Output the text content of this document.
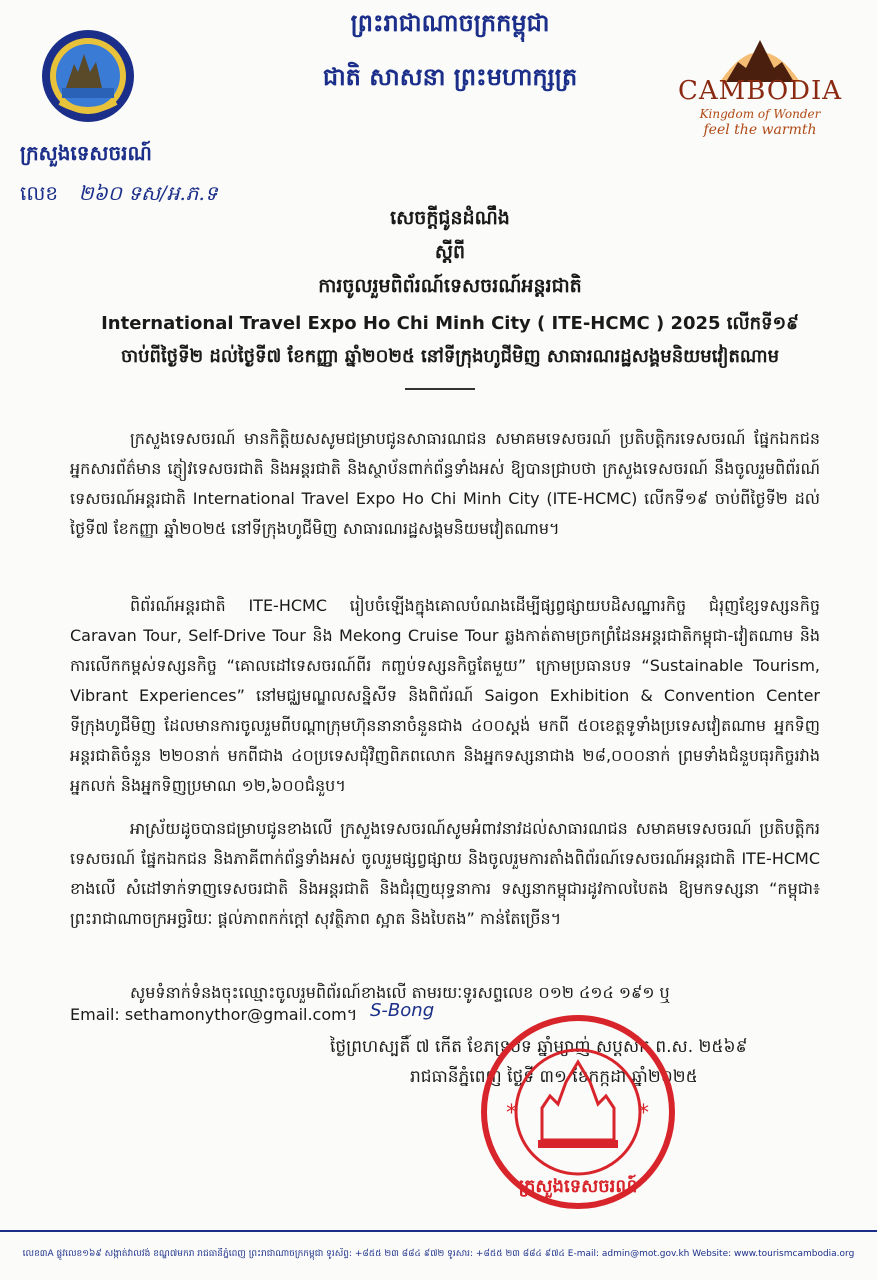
ព្រះរាជាណាចក្រកម្ពុជា
ជាតិ សាសនា ព្រះមហាក្សត្រ
ក្រសួងទេសចរណ៍
លេខ ២៦០ ទស/អ.ភ.ទ
CAMBODIA
Kingdom of Wonder
feel the warmth
សេចក្តីជូនដំណឹង
ស្តីពី
ការចូលរួមពិព័រណ៍ទេសចរណ៍អន្តរជាតិ
International Travel Expo Ho Chi Minh City ( ITE-HCMC ) 2025 លើកទី១៩
ចាប់ពីថ្ងៃទី២ ដល់ថ្ងៃទី៧ ខែកញ្ញា ឆ្នាំ២០២៥ នៅទីក្រុងហូជីមិញ សាធារណរដ្ឋសង្គមនិយមវៀតណាម
ក្រសួងទេសចរណ៍ មានកិត្តិយសសូមជម្រាបជូនសាធារណជន សមាគមទេសចរណ៍ ប្រតិបត្តិករទេសចរណ៍ ផ្នែកឯកជន អ្នកសារព័ត៌មាន ភ្ញៀវទេសចរជាតិ និងអន្តរជាតិ និងស្ថាប័នពាក់ព័ន្ធទាំងអស់ ឱ្យបានជ្រាបថា ក្រសួងទេសចរណ៍ នឹងចូលរួមពិព័រណ៍ទេសចរណ៍អន្តរជាតិ International Travel Expo Ho Chi Minh City (ITE-HCMC) លើកទី១៩ ចាប់ពីថ្ងៃទី២ ដល់ថ្ងៃទី៧ ខែកញ្ញា ឆ្នាំ២០២៥ នៅទីក្រុងហូជីមិញ សាធារណរដ្ឋសង្គមនិយមវៀតណាម។
ពិព័រណ៍អន្តរជាតិ ITE-HCMC រៀបចំឡើងក្នុងគោលបំណងដើម្បីផ្សព្វផ្សាយបដិសណ្ឋារកិច្ច ជំរុញខ្សែទស្សនកិច្ច Caravan Tour, Self-Drive Tour និង Mekong Cruise Tour ឆ្លងកាត់តាមច្រកព្រំដែនអន្តរជាតិកម្ពុជា-វៀតណាម និងការលើកកម្ពស់ទស្សនកិច្ច “គោលដៅទេសចរណ៍ពីរ កញ្ចប់ទស្សនកិច្ចតែមួយ” ក្រោមប្រធានបទ “Sustainable Tourism, Vibrant Experiences” នៅមជ្ឈមណ្ឌលសន្និសីទ និងពិព័រណ៍ Saigon Exhibition & Convention Center ទីក្រុងហូជីមិញ ដែលមានការចូលរួមពីបណ្តាក្រុមហ៊ុននានាចំនួនជាង ៤០០ស្តង់ មកពី ៥០ខេត្តទូទាំងប្រទេសវៀតណាម អ្នកទិញអន្តរជាតិចំនួន ២២០នាក់ មកពីជាង ៤០ប្រទេសជុំវិញពិភពលោក និងអ្នកទស្សនាជាង ២៨,០០០នាក់ ព្រមទាំងជំនួបធុរកិច្ចរវាងអ្នកលក់ និងអ្នកទិញប្រមាណ ១២,៦០០ជំនួប។
អាស្រ័យដូចបានជម្រាបជូនខាងលើ ក្រសួងទេសចរណ៍សូមអំពាវនាវដល់សាធារណជន សមាគមទេសចរណ៍ ប្រតិបត្តិករទេសចរណ៍ ផ្នែកឯកជន និងភាគីពាក់ព័ន្ធទាំងអស់ ចូលរួមផ្សព្វផ្សាយ និងចូលរួមការតាំងពិព័រណ៍ទេសចរណ៍អន្តរជាតិ ITE-HCMC ខាងលើ សំដៅទាក់ទាញទេសចរជាតិ និងអន្តរជាតិ និងជំរុញយុទ្ធនាការ ទស្សនាកម្ពុជារដូវកាលបៃតង ឱ្យមកទស្សនា “កម្ពុជា៖ព្រះរាជាណាចក្រអច្ឆរិយៈ ផ្តល់ភាពកក់ក្តៅ សុវត្ថិភាព ស្អាត និងបៃតង” កាន់តែច្រើន។
សូមទំនាក់ទំនងចុះឈ្មោះចូលរួមពិព័រណ៍ខាងលើ តាមរយៈទូរសព្ទលេខ ០១២ ៤១៤ ១៩១ ឬ
Email: sethamonythor@gmail.com។ S-Bong
ថ្ងៃព្រហស្បតិ៍ ៧ កើត ខែភទ្របទ ឆ្នាំម្សាញ់ សប្តស័ក ព.ស. ២៥៦៩
រាជធានីភ្នំពេញ ថ្ងៃទី ៣១ ខែកក្កដា ឆ្នាំ២០២៥
*	*
ក្រសួងទេសចរណ៍
លេខ៣A ផ្លូវលេខ១៦៩ សង្កាត់វាលវង់ ខណ្ឌ៧មករា រាជធានីភ្នំពេញ ព្រះរាជាណាចក្រកម្ពុជា ទូរស័ព្ទ: +៨៥៥ ២៣ ៨៨៤ ៩៧២ ទូរសារ: +៨៥៥ ២៣ ៨៨៤ ៩៧៤ E-mail: admin@mot.gov.kh Website: www.tourismcambodia.org
